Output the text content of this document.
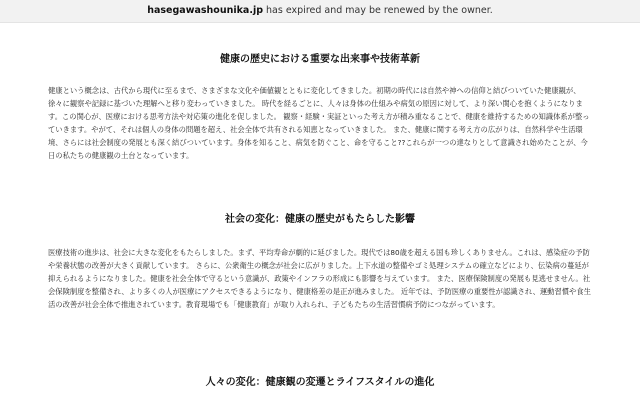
hasegawashounika.jp has expired and may be renewed by the owner.
健康の歴史における重要な出来事や技術革新

健康という概念は、古代から現代に至るまで、さまざまな文化や価値観とともに変化してきました。初期の時代には自然や神への信仰と結びついていた健康観が、徐々に観察や記録に基づいた理解へと移り変わっていきました。 時代を経るごとに、人々は身体の仕組みや病気の原因に対して、より深い関心を抱くようになります。この関心が、医療における思考方法や対応策の進化を促しました。 観察・経験・実証といった考え方が積み重なることで、健康を維持するための知識体系が整っていきます。やがて、それは個人の身体の問題を超え、社会全体で共有される知恵となっていきました。 また、健康に関する考え方の広がりは、自然科学や生活環境、さらには社会制度の発展とも深く結びついています。身体を知ること、病気を防ぐこと、命を守ること??これらが一つの達なりとして意識され始めたことが、今日の私たちの健康観の土台となっています。

社会の変化：健康の歴史がもたらした影響

医療技術の進歩は、社会に大きな変化をもたらしました。まず、平均寿命が劇的に延びました。現代では80歳を超える国も珍しくありません。これは、感染症の予防や栄養状態の改善が大きく貢献しています。 さらに、公衆衛生の概念が社会に広がりました。上下水道の整備やゴミ処理システムの確立などにより、伝染病の蔓延が抑えられるようになりました。健康を社会全体で守るという意識が、政策やインフラの形成にも影響を与えています。 また、医療保険制度の発展も見逃せません。社会保険制度を整備され、より多くの人が医療にアクセスできるようになり、健康格差の是正が進みました。 近年では、予防医療の重要性が認識され、運動習慣や食生活の改善が社会全体で推進されています。教育現場でも「健康教育」が取り入れられ、子どもたちの生活習慣病予防につながっています。

人々の変化：健康観の変遷とライフスタイルの進化
